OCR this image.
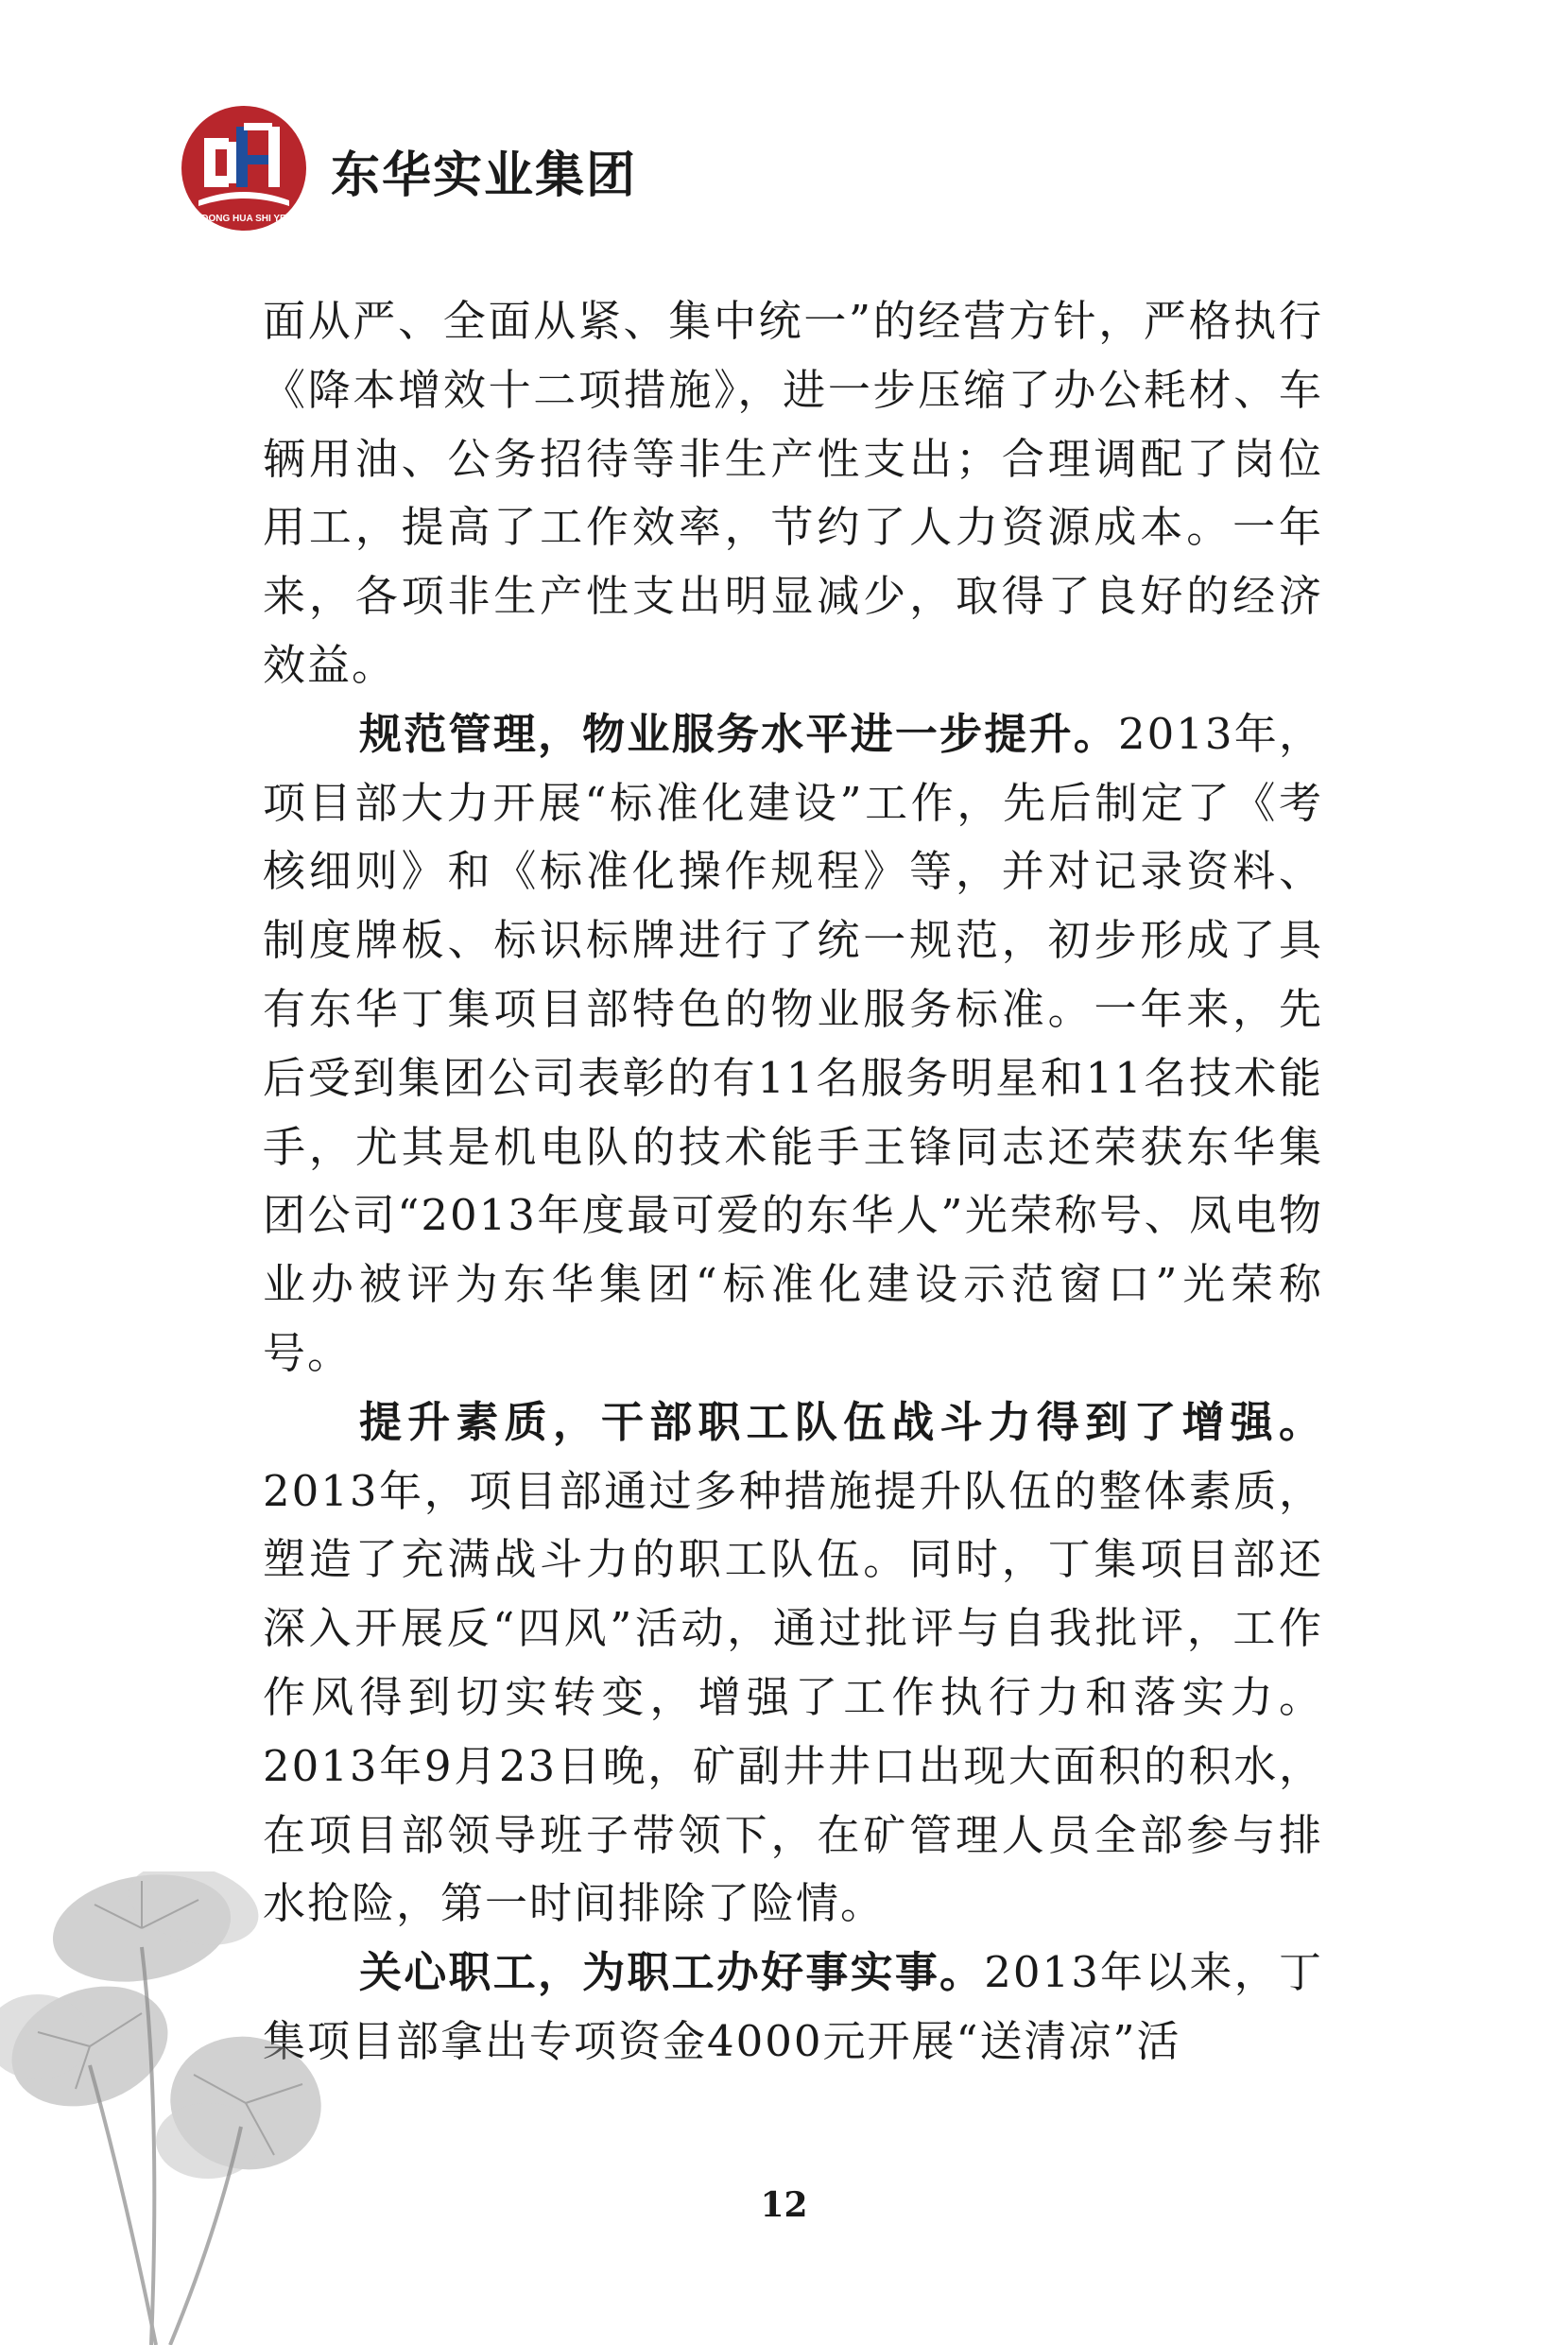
DONG HUA SHI YE
东华实业集团

面从严、全面从紧、集中统一”的经营方针，严格执行《降本增效十二项措施》，进一步压缩了办公耗材、车辆用油、公务招待等非生产性支出；合理调配了岗位用工，提高了工作效率，节约了人力资源成本。一年来，各项非生产性支出明显减少，取得了良好的经济效益。

规范管理，物业服务水平进一步提升。2013年，项目部大力开展“标准化建设”工作，先后制定了《考核细则》和《标准化操作规程》等，并对记录资料、制度牌板、标识标牌进行了统一规范，初步形成了具有东华丁集项目部特色的物业服务标准。一年来，先后受到集团公司表彰的有11名服务明星和11名技术能手，尤其是机电队的技术能手王锋同志还荣获东华集团公司“2013年度最可爱的东华人”光荣称号、凤电物业办被评为东华集团“标准化建设示范窗口”光荣称号。

提升素质，干部职工队伍战斗力得到了增强。2013年，项目部通过多种措施提升队伍的整体素质，塑造了充满战斗力的职工队伍。同时，丁集项目部还深入开展反“四风”活动，通过批评与自我批评，工作作风得到切实转变，增强了工作执行力和落实力。2013年9月23日晚，矿副井井口出现大面积的积水，在项目部领导班子带领下，在矿管理人员全部参与排水抢险，第一时间排除了险情。

关心职工，为职工办好事实事。2013年以来，丁集项目部拿出专项资金4000元开展“送清凉”活

12
